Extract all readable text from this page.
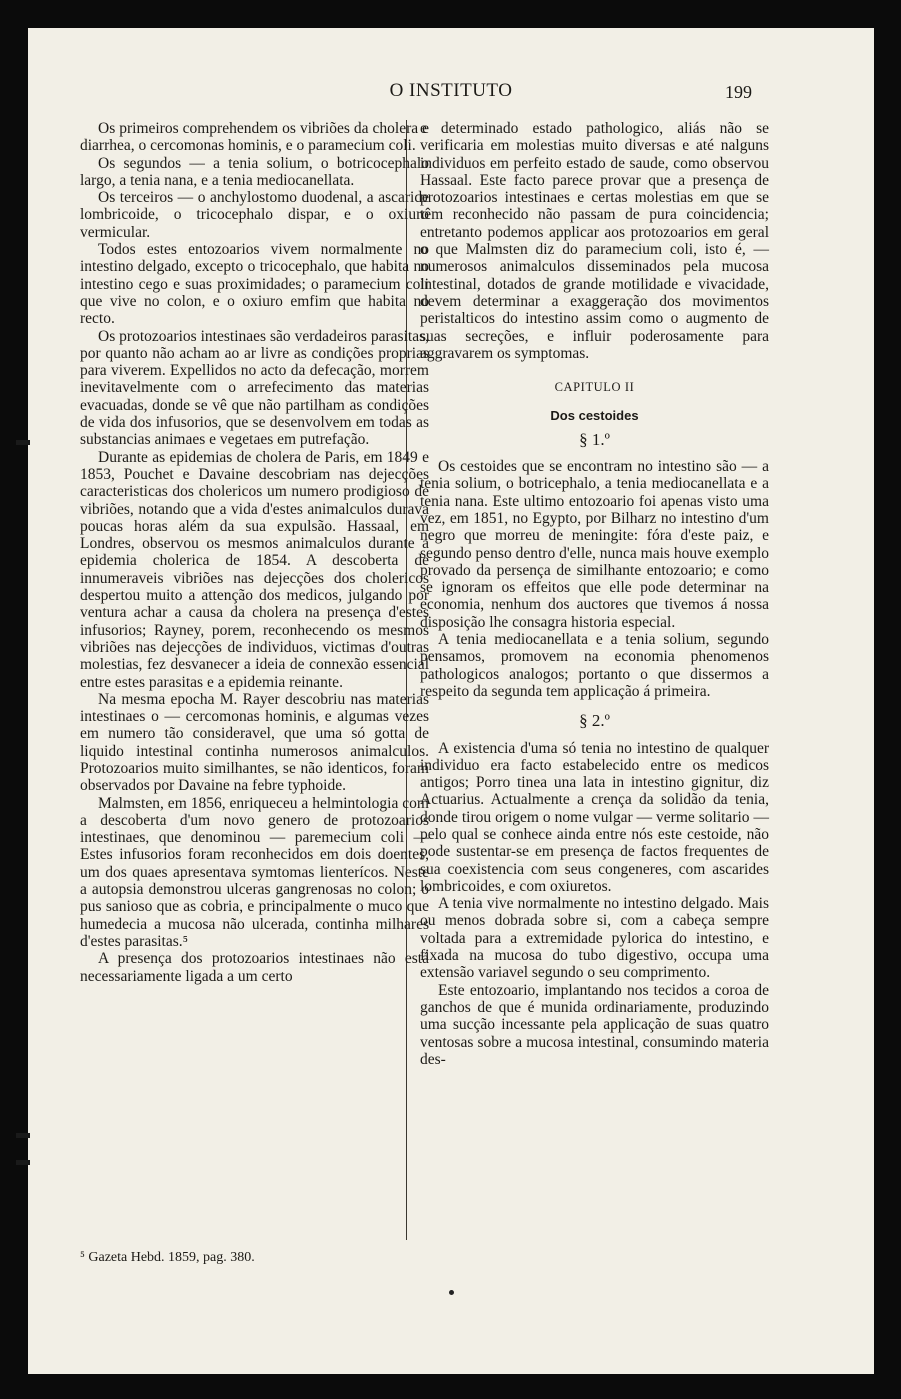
O INSTITUTO	199

Os primeiros comprehendem os vibriões da cholera e diarrhea, o cercomonas hominis, e o paramecium coli.

Os segundos — a tenia solium, o botricocephalo largo, a tenia nana, e a tenia mediocanellata.

Os terceiros — o anchylostomo duodenal, a ascaride lombricoide, o tricocephalo dispar, e o oxiuro vermicular.

Todos estes entozoarios vivem normalmente no intestino delgado, excepto o tricocephalo, que habita no intestino cego e suas proximidades; o paramecium coli que vive no colon, e o oxiuro emfim que habita no recto.

Os protozoarios intestinaes são verdadeiros parasitas, por quanto não acham ao ar livre as condições proprias para viverem. Expellidos no acto da defecação, morrem inevitavelmente com o arrefecimento das materias evacuadas, donde se vê que não partilham as condições de vida dos infusorios, que se desenvolvem em todas as substancias animaes e vegetaes em putrefação.

Durante as epidemias de cholera de Paris, em 1849 e 1853, Pouchet e Davaine descobriam nas dejecções caracteristicas dos cholericos um numero prodigioso de vibriões, notando que a vida d'estes animalculos durava poucas horas além da sua expulsão. Hassaal, em Londres, observou os mesmos animalculos durante a epidemia cholerica de 1854. A descoberta de innumeraveis vibriões nas dejecções dos cholericos despertou muito a attenção dos medicos, julgando por ventura achar a causa da cholera na presença d'estes infusorios; Rayney, porem, reconhecendo os mesmos vibriões nas dejecções de individuos, victimas d'outras molestias, fez desvanecer a ideia de connexão essencial entre estes parasitas e a epidemia reinante.

Na mesma epocha M. Rayer descobriu nas materias intestinaes o — cercomonas hominis, e algumas vezes em numero tão consideravel, que uma só gotta de liquido intestinal continha numerosos animalculos. Protozoarios muito similhantes, se não identicos, foram observados por Davaine na febre typhoide.

Malmsten, em 1856, enriqueceu a helmintologia com a descoberta d'um novo genero de protozoarios intestinaes, que denominou — paremecium coli — Estes infusorios foram reconhecidos em dois doentes, um dos quaes apresentava symtomas lienterícos. Neste a autopsia demonstrou ulceras gangrenosas no colon; o pus sanioso que as cobria, e principalmente o muco que humedecia a mucosa não ulcerada, continha milhares d'estes parasitas.⁵

A presença dos protozoarios intestinaes não está necessariamente ligada a um certo

e determinado estado pathologico, aliás não se verificaria em molestias muito diversas e até nalguns individuos em perfeito estado de saude, como observou Hassaal. Este facto parece provar que a presença de protozoarios intestinaes e certas molestias em que se têm reconhecido não passam de pura coincidencia; entretanto podemos applicar aos protozoarios em geral o que Malmsten diz do paramecium coli, isto é, — numerosos animalculos disseminados pela mucosa intestinal, dotados de grande motilidade e vivacidade, devem determinar a exaggeração dos movimentos peristalticos do intestino assim como o augmento de suas secreções, e influir poderosamente para aggravarem os symptomas.

CAPITULO II
Dos cestoides
§ 1.º

Os cestoides que se encontram no intestino são — a tenia solium, o botricephalo, a tenia mediocanellata e a tenia nana. Este ultimo entozoario foi apenas visto uma vez, em 1851, no Egypto, por Bilharz no intestino d'um negro que morreu de meningite: fóra d'este paiz, e segundo penso dentro d'elle, nunca mais houve exemplo provado da persença de similhante entozoario; e como se ignoram os effeitos que elle pode determinar na economia, nenhum dos auctores que tivemos á nossa disposição lhe consagra historia especial.

A tenia mediocanellata e a tenia solium, segundo pensamos, promovem na economia phenomenos pathologicos analogos; portanto o que dissermos a respeito da segunda tem applicação á primeira.

§ 2.º

A existencia d'uma só tenia no intestino de qualquer individuo era facto estabelecido entre os medicos antigos; Porro tinea una lata in intestino gignitur, diz Actuarius. Actualmente a crença da solidão da tenia, donde tirou origem o nome vulgar — verme solitario — pelo qual se conhece ainda entre nós este cestoide, não pode sustentar-se em presença de factos frequentes de sua coexistencia com seus congeneres, com ascarides lombricoides, e com oxiuretos.

A tenia vive normalmente no intestino delgado. Mais ou menos dobrada sobre si, com a cabeça sempre voltada para a extremidade pylorica do intestino, e fixada na mucosa do tubo digestivo, occupa uma extensão variavel segundo o seu comprimento.

Este entozoario, implantando nos tecidos a coroa de ganchos de que é munida ordinariamente, produzindo uma sucção incessante pela applicação de suas quatro ventosas sobre a mucosa intestinal, consumindo materia des-

⁵ Gazeta Hebd. 1859, pag. 380.
